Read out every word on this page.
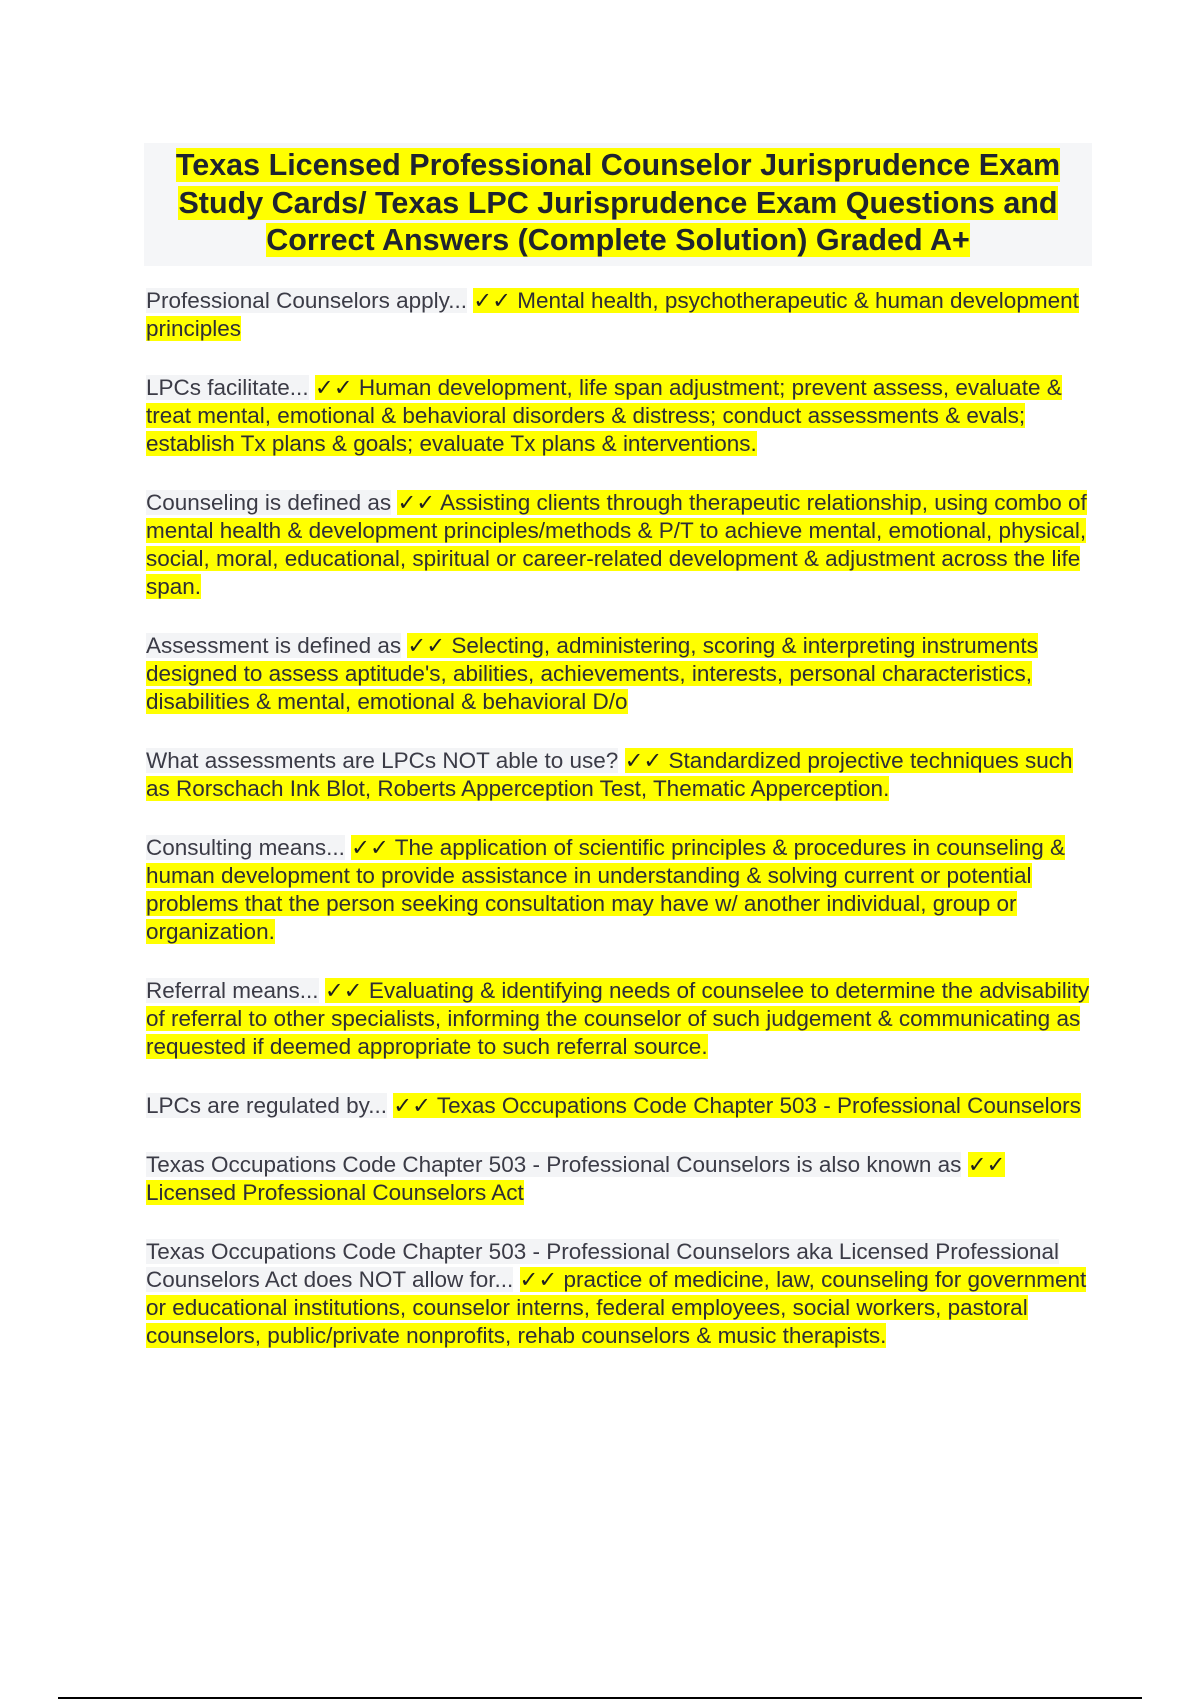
Texas Licensed Professional Counselor Jurisprudence Exam Study Cards/ Texas LPC Jurisprudence Exam Questions and Correct Answers (Complete Solution) Graded A+

Professional Counselors apply... ✓✓ Mental health, psychotherapeutic & human development principles

LPCs facilitate... ✓✓ Human development, life span adjustment; prevent assess, evaluate & treat mental, emotional & behavioral disorders & distress; conduct assessments & evals; establish Tx plans & goals; evaluate Tx plans & interventions.

Counseling is defined as ✓✓ Assisting clients through therapeutic relationship, using combo of mental health & development principles/methods & P/T to achieve mental, emotional, physical, social, moral, educational, spiritual or career-related development & adjustment across the life span.

Assessment is defined as ✓✓ Selecting, administering, scoring & interpreting instruments designed to assess aptitude's, abilities, achievements, interests, personal characteristics, disabilities & mental, emotional & behavioral D/o

What assessments are LPCs NOT able to use? ✓✓ Standardized projective techniques such as Rorschach Ink Blot, Roberts Apperception Test, Thematic Apperception.

Consulting means... ✓✓ The application of scientific principles & procedures in counseling & human development to provide assistance in understanding & solving current or potential problems that the person seeking consultation may have w/ another individual, group or organization.

Referral means... ✓✓ Evaluating & identifying needs of counselee to determine the advisability of referral to other specialists, informing the counselor of such judgement & communicating as requested if deemed appropriate to such referral source.

LPCs are regulated by... ✓✓ Texas Occupations Code Chapter 503 - Professional Counselors

Texas Occupations Code Chapter 503 - Professional Counselors is also known as ✓✓ Licensed Professional Counselors Act

Texas Occupations Code Chapter 503 - Professional Counselors aka Licensed Professional Counselors Act does NOT allow for... ✓✓ practice of medicine, law, counseling for government or educational institutions, counselor interns, federal employees, social workers, pastoral counselors, public/private nonprofits, rehab counselors & music therapists.
